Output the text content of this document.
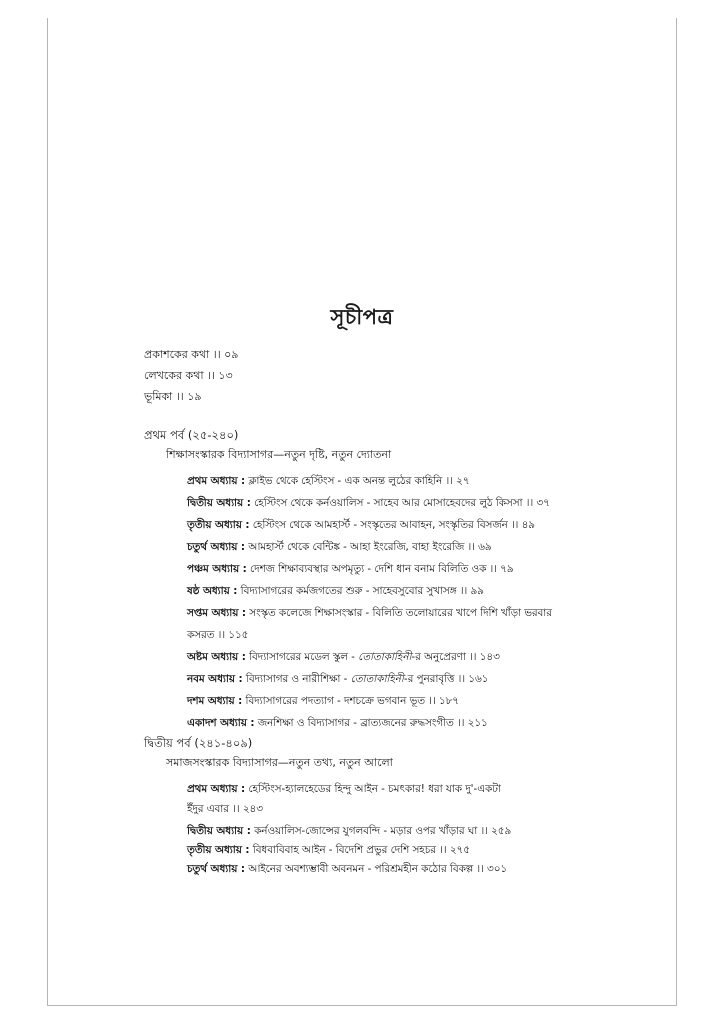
সূচীপত্র
প্রকাশকের কথা ।। ০৯
লেখকের কথা ।। ১৩
ভূমিকা ।। ১৯
প্রথম পর্ব (২৫-২৪০)
শিক্ষাসংস্কারক বিদ্যাসাগর—নতুন দৃষ্টি, নতুন দ্যোতনা
প্রথম অধ্যায় : ক্লাইভ থেকে হেস্টিংস - এক অনন্ত লুঠের কাহিনি ।। ২৭
দ্বিতীয় অধ্যায় : হেস্টিংস থেকে কর্নওয়ালিস - সাহেব আর মোসাহেবদের লুঠ কিসসা ।। ৩৭
তৃতীয় অধ্যায় : হেস্টিংস থেকে আমহার্স্ট - সংস্কৃতের আবাহন, সংস্কৃতির বিসর্জন ।। ৪৯
চতুর্থ অধ্যায় : আমহার্স্ট থেকে বেন্টিঙ্ক - আহা ইংরেজি, বাহা ইংরেজি ।। ৬৯
পঞ্চম অধ্যায় : দেশজ শিক্ষাব্যবস্থার অপমৃত্যু - দেশি ধান বনাম বিলিতি ওক ।। ৭৯
ষষ্ঠ অধ্যায় : বিদ্যাসাগরের কর্মজগতের শুরু - সাহেবসুবোর সুখাসঙ্গ ।। ৯৯
সপ্তম অধ্যায় : সংস্কৃত কলেজে শিক্ষাসংস্কার - বিলিতি তলোয়ারের খাপে দিশি খাঁড়া ভরবার
কসরত ।। ১১৫
অষ্টম অধ্যায় : বিদ্যাসাগরের মডেল স্কুল - তোতাকাহিনী-র অনুপ্রেরণা ।। ১৪৩
নবম অধ্যায় : বিদ্যাসাগর ও নারীশিক্ষা - তোতাকাহিনী-র পুনরাবৃত্তি ।। ১৬১
দশম অধ্যায় : বিদ্যাসাগরের পদত্যাগ - দশচক্রে ভগবান ভূত ।। ১৮৭
একাদশ অধ্যায় : জনশিক্ষা ও বিদ্যাসাগর - ব্রাত্যজনের রুদ্ধসংগীত ।। ২১১
দ্বিতীয় পর্ব (২৪১-৪০৯)
সমাজসংস্কারক বিদ্যাসাগর—নতুন তথ্য, নতুন আলো
প্রথম অধ্যায় : হেস্টিংস-হ্যালহেডের হিন্দু আইন - চমৎকার! ধরা যাক দু'-একটা
ইঁদুর এবার ।। ২৪৩
দ্বিতীয় অধ্যায় : কর্নওয়ালিস-জোন্সের যুগলবন্দি - মড়ার ওপর খাঁড়ার ঘা ।। ২৫৯
তৃতীয় অধ্যায় : বিধবাবিবাহ আইন - বিদেশি প্রভুর দেশি সহচর ।। ২৭৫
চতুর্থ অধ্যায় : আইনের অবশ্যম্ভাবী অবনমন - পরিশ্রমহীন কঠোর বিকল্প ।। ৩০১
